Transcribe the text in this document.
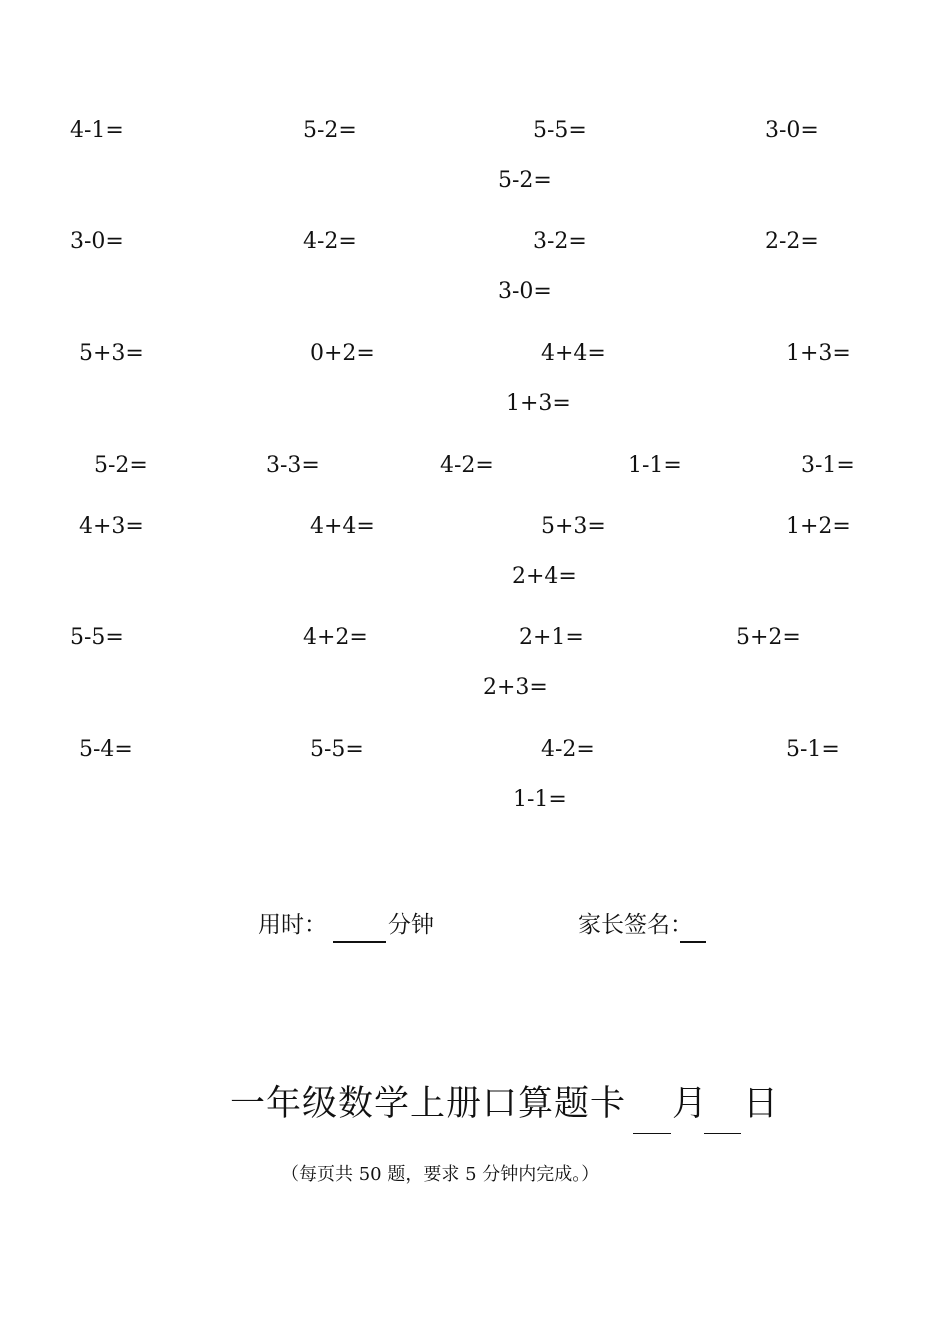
4-1=	5-2=	5-5=	3-0=
5-2=
3-0=	4-2=	3-2=	2-2=
3-0=
5+3=	0+2=	4+4=	1+3=
1+3=
5-2=	3-3=	4-2=	1-1=	3-1=
4+3=	4+4=	5+3=	1+2=
2+4=
5-5=	4+2=	2+1=	5+2=
2+3=
5-4=	5-5=	4-2=	5-1=
1-1=
用时：	分钟	家长签名：
一年级数学上册口算题卡 月 日
（每页共 50 题，要求 5 分钟内完成。）
